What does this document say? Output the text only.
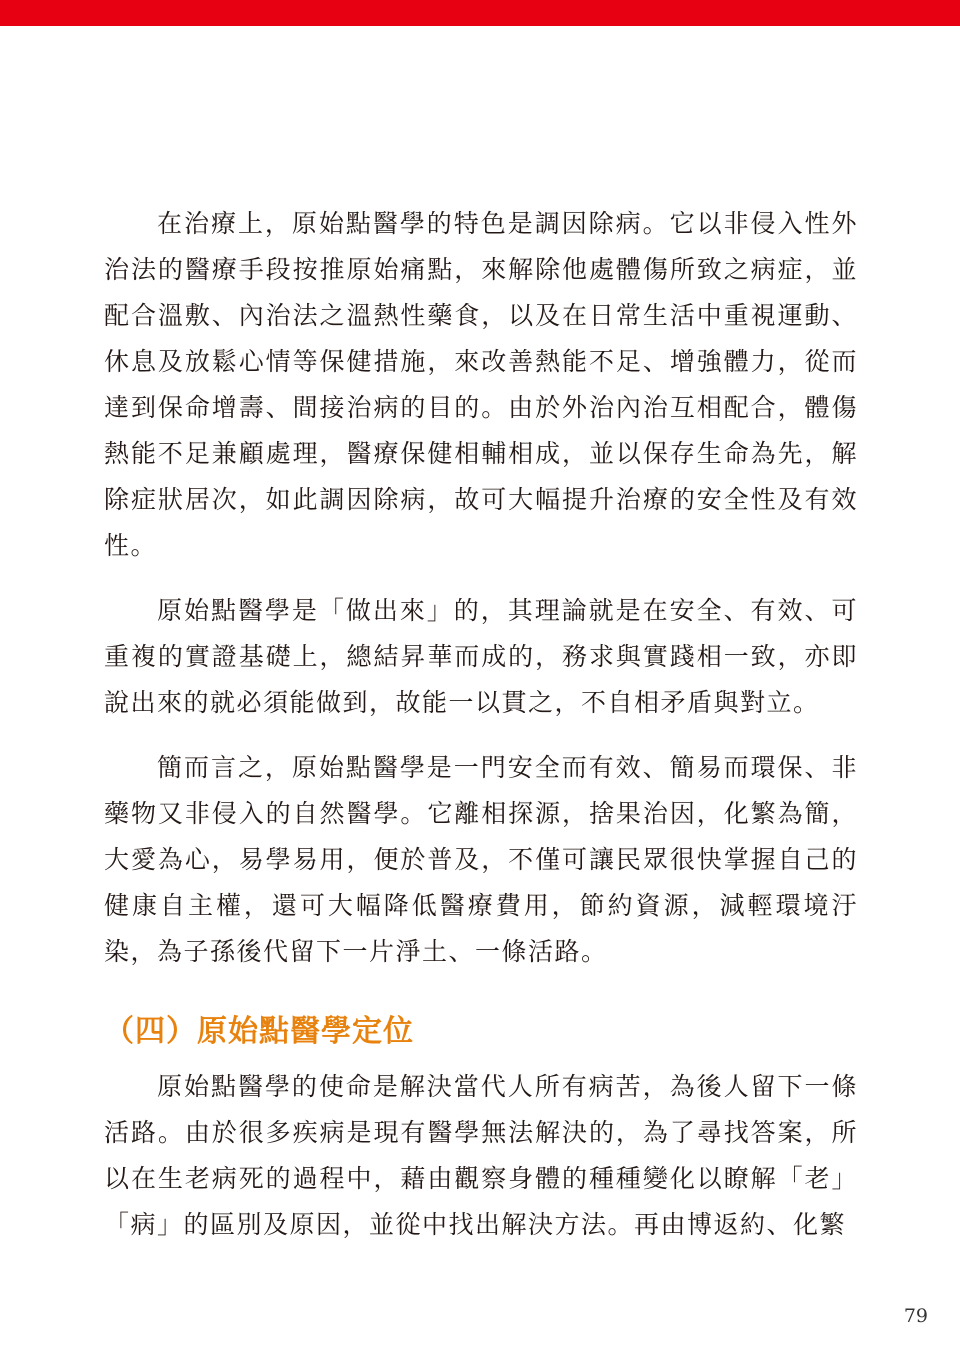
在治療上，原始點醫學的特色是調因除病。它以非侵入性外治法的醫療手段按推原始痛點，來解除他處體傷所致之病症，並配合溫敷、內治法之溫熱性藥食，以及在日常生活中重視運動、休息及放鬆心情等保健措施，來改善熱能不足、增強體力，從而達到保命增壽、間接治病的目的。由於外治內治互相配合，體傷熱能不足兼顧處理，醫療保健相輔相成，並以保存生命為先，解除症狀居次，如此調因除病，故可大幅提升治療的安全性及有效性。

原始點醫學是「做出來」的，其理論就是在安全、有效、可重複的實證基礎上，總結昇華而成的，務求與實踐相一致，亦即說出來的就必須能做到，故能一以貫之，不自相矛盾與對立。

簡而言之，原始點醫學是一門安全而有效、簡易而環保、非藥物又非侵入的自然醫學。它離相探源，捨果治因，化繁為簡，大愛為心，易學易用，便於普及，不僅可讓民眾很快掌握自己的健康自主權，還可大幅降低醫療費用，節約資源，減輕環境汙染，為子孫後代留下一片淨土、一條活路。

（四）原始點醫學定位

原始點醫學的使命是解決當代人所有病苦，為後人留下一條活路。由於很多疾病是現有醫學無法解決的，為了尋找答案，所以在生老病死的過程中，藉由觀察身體的種種變化以瞭解「老」「病」的區別及原因，並從中找出解決方法。再由博返約、化繁

79
